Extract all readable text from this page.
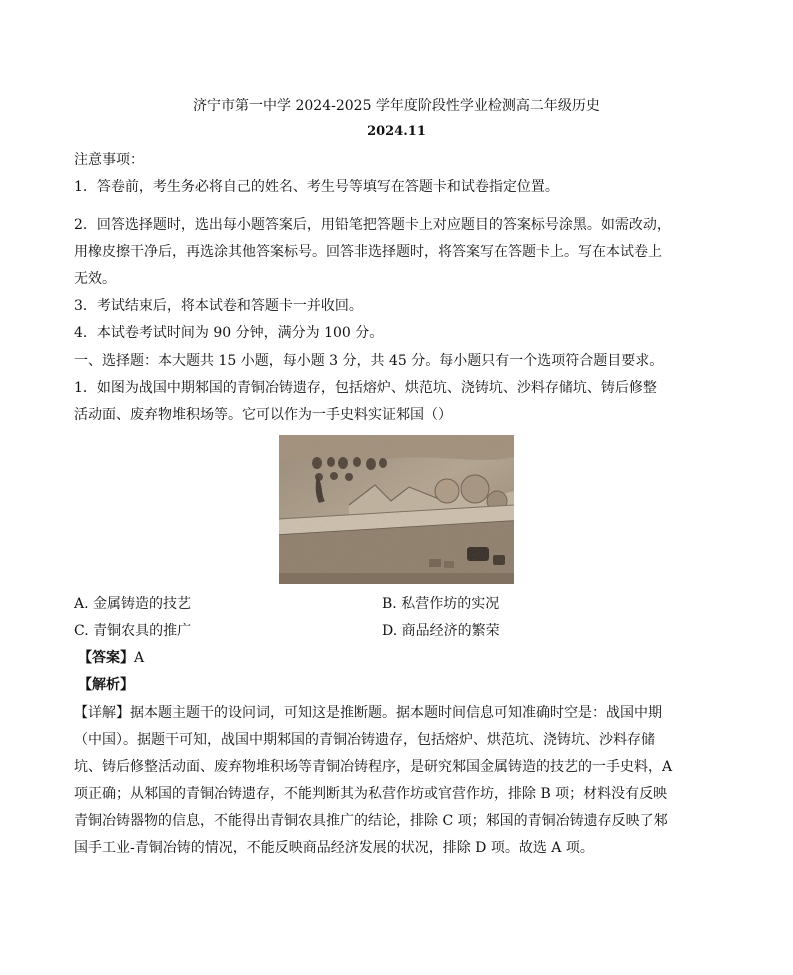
济宁市第一中学 2024-2025 学年度阶段性学业检测高二年级历史
2024.11
注意事项：
1．答卷前，考生务必将自己的姓名、考生号等填写在答题卡和试卷指定位置。
2．回答选择题时，选出每小题答案后，用铅笔把答题卡上对应题目的答案标号涂黑。如需改动，
用橡皮擦干净后，再选涂其他答案标号。回答非选择题时，将答案写在答题卡上。写在本试卷上
无效。
3．考试结束后，将本试卷和答题卡一并收回。
4．本试卷考试时间为 90 分钟，满分为 100 分。
一、选择题：本大题共 15 小题，每小题 3 分，共 45 分。每小题只有一个选项符合题目要求。
1．如图为战国中期邾国的青铜冶铸遗存，包括熔炉、烘范坑、浇铸坑、沙料存储坑、铸后修整
活动面、废弃物堆积场等。它可以作为一手史料实证邾国（）
A. 金属铸造的技艺	B. 私营作坊的实况
C. 青铜农具的推广	D. 商品经济的繁荣
【答案】A
【解析】
【详解】据本题主题干的设问词，可知这是推断题。据本题时间信息可知准确时空是：战国中期
（中国）。据题干可知，战国中期邾国的青铜冶铸遗存，包括熔炉、烘范坑、浇铸坑、沙料存储
坑、铸后修整活动面、废弃物堆积场等青铜冶铸程序，是研究邾国金属铸造的技艺的一手史料，A
项正确；从邾国的青铜冶铸遗存，不能判断其为私营作坊或官营作坊，排除 B 项；材料没有反映
青铜冶铸器物的信息，不能得出青铜农具推广的结论，排除 C 项；邾国的青铜冶铸遗存反映了邾
国手工业-青铜冶铸的情况，不能反映商品经济发展的状况，排除 D 项。故选 A 项。
